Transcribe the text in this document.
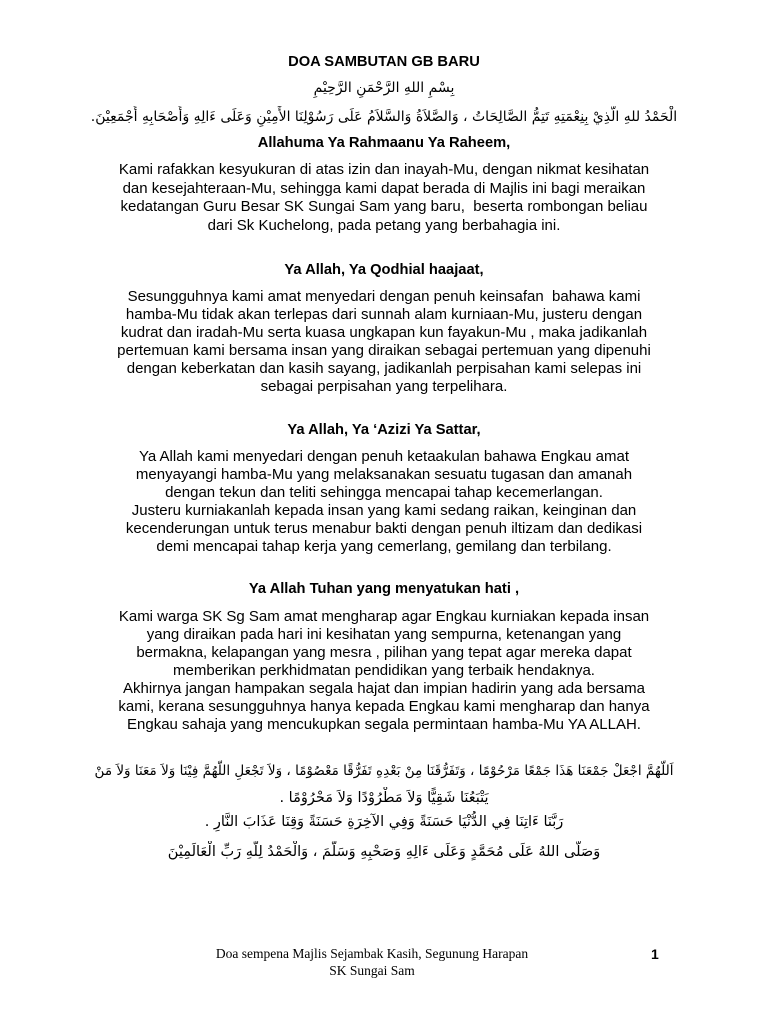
DOA SAMBUTAN GB BARU
بِسْمِ اللهِ الرَّحْمَنِ الرَّحِيْمِ
الْحَمْدُ للهِ الَّذِيْ بِنِعْمَتِهِ تَتِمُّ الصَّالِحَاتُ ، وَالصَّلاَةُ وَالسَّلاَمُ عَلَى رَسُوْلِنَا الأَمِيْنِ وَعَلَى ءَالِهِ وَأَصْحَابِهِ أَجْمَعِيْنَ.
Allahuma Ya Rahmaanu Ya Raheem,
Kami rafakkan kesyukuran di atas izin dan inayah-Mu, dengan nikmat kesihatan
dan kesejahteraan-Mu, sehingga kami dapat berada di Majlis ini bagi meraikan
kedatangan Guru Besar SK Sungai Sam yang baru,  beserta rombongan beliau
dari Sk Kuchelong, pada petang yang berbahagia ini.
Ya Allah, Ya Qodhial haajaat,
Sesungguhnya kami amat menyedari dengan penuh keinsafan  bahawa kami
hamba-Mu tidak akan terlepas dari sunnah alam kurniaan-Mu, justeru dengan
kudrat dan iradah-Mu serta kuasa ungkapan kun fayakun-Mu , maka jadikanlah
pertemuan kami bersama insan yang diraikan sebagai pertemuan yang dipenuhi
dengan keberkatan dan kasih sayang, jadikanlah perpisahan kami selepas ini
sebagai perpisahan yang terpelihara.
Ya Allah, Ya ‘Azizi Ya Sattar,
Ya Allah kami menyedari dengan penuh ketaakulan bahawa Engkau amat
menyayangi hamba-Mu yang melaksanakan sesuatu tugasan dan amanah
dengan tekun dan teliti sehingga mencapai tahap kecemerlangan.
Justeru kurniakanlah kepada insan yang kami sedang raikan, keinginan dan
kecenderungan untuk terus menabur bakti dengan penuh iltizam dan dedikasi
demi mencapai tahap kerja yang cemerlang, gemilang dan terbilang.
Ya Allah Tuhan yang menyatukan hati ,
Kami warga SK Sg Sam amat mengharap agar Engkau kurniakan kepada insan
yang diraikan pada hari ini kesihatan yang sempurna, ketenangan yang
bermakna, kelapangan yang mesra , pilihan yang tepat agar mereka dapat
memberikan perkhidmatan pendidikan yang terbaik hendaknya.
Akhirnya jangan hampakan segala hajat dan impian hadirin yang ada bersama
kami, kerana sesungguhnya hanya kepada Engkau kami mengharap dan hanya
Engkau sahaja yang mencukupkan segala permintaan hamba-Mu YA ALLAH.
اَللَّهُمَّ اجْعَلْ جَمْعَنَا هَذَا جَمْعًا مَرْحُوْمًا ، وَتَفَرُّقَنَا مِنْ بَعْدِهِ تَفَرُّقًا مَعْصُوْمًا ، وَلاَ تَجْعَلِ اللَّهُمَّ فِيْنَا وَلاَ مَعَنَا وَلاَ مَنْ
يَتْبَعُنَا شَقِيًّا وَلاَ مَطْرُوْدًا وَلاَ مَحْرُوْمًا .
رَبَّنَا ءَاتِنَا فِي الدُّنْيَا حَسَنَةً وَفِي الآخِرَةِ حَسَنَةً وَقِنَا عَذَابَ النَّارِ .
وَصَلَّى اللهُ عَلَى مُحَمَّدٍ وَعَلَى ءَالِهِ وَصَحْبِهِ وَسَلَّمَ ، وَالْحَمْدُ لِلَّهِ رَبِّ الْعَالَمِيْنَ
Doa sempena Majlis Sejambak Kasih, Segunung Harapan
SK Sungai Sam
1
